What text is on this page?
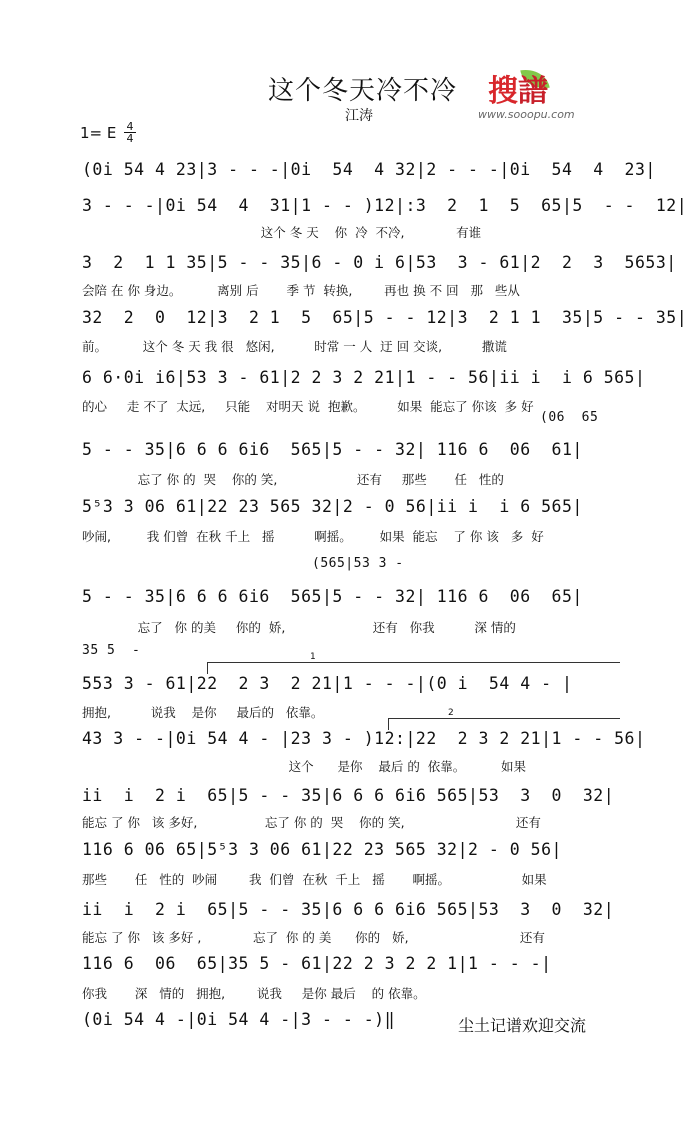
这个冬天冷不冷
江涛
搜譜
www.sooopu.com
1= E 4
4
(0i 54 4 23|3 - - -|0i  54  4 32|2 - - -|0i  54  4  23|
3 - - -|0i 54  4  31|1 - - )12|:3  2  1  5  65|5  - -  12|
这个 冬 天    你  冷  不冷,             有谁
3  2  1 1 35|5 - - 35|6 - 0 i 6|53  3 - 61|2  2  3  5653|
会陪 在 你 身边。         离别 后       季 节  转换,        再也 换 不 回   那   些从
32  2  0  12|3  2 1  5  65|5 - - 12|3  2 1 1  35|5 - - 35|
前。         这个 冬 天 我 很   悠闲,          时常 一 人  迂 回 交谈,          撒谎
6 6·0i i6|53 3 - 61|2 2 3 2 21|1 - - 56|ii i  i 6 565|
的心     走 不了  太远,     只能    对明天 说  抱歉。        如果  能忘了 你该  多 好
5 - - 35|6 6 6 6i6  565|5 - - 32| 116 6  06  61|
忘了 你 的  哭    你的 笑,                    还有     那些       任   性的
5⁵3 3 06 61|22 23 565 32|2 - 0 56|ii i  i 6 565|
吵闹,         我 们曾  在秋 千上   摇          啊摇。       如果  能忘    了 你 该   多  好
5 - - 35|6 6 6 6i6  565|5 - - 32| 116 6  06  65|
忘了   你 的美     你的  娇,                      还有   你我          深 情的
553 3 - 61|22  2 3  2 21|1 - - -|(0 i  54 4 - |
拥抱,          说我    是你     最后的   依靠。
43 3 - -|0i 54 4 - |23 3 - )12:|22  2 3 2 21|1 - - 56|
这个      是你    最后 的  依靠。         如果
ii  i  2 i  65|5 - - 35|6 6 6 6i6 565|53  3  0  32|
能忘 了 你   该 多好,                 忘了 你 的  哭    你的 笑,                            还有
116 6 06 65|5⁵3 3 06 61|22 23 565 32|2 - 0 56|
那些       任   性的  吵闹        我  们曾  在秋  千上   摇       啊摇。                  如果
ii  i  2 i  65|5 - - 35|6 6 6 6i6 565|53  3  0  32|
能忘 了 你   该 多好 ,             忘了  你 的 美      你的   娇,                            还有
116 6  06  65|35 5 - 61|22 2 3 2 2 1|1 - - -|
你我       深   情的   拥抱,        说我     是你 最后    的 依靠。
(0i 54 4 -|0i 54 4 -|3 - - -)‖
(06  65
(565|53 3 -
35 5  -	1
2
尘土记谱欢迎交流
